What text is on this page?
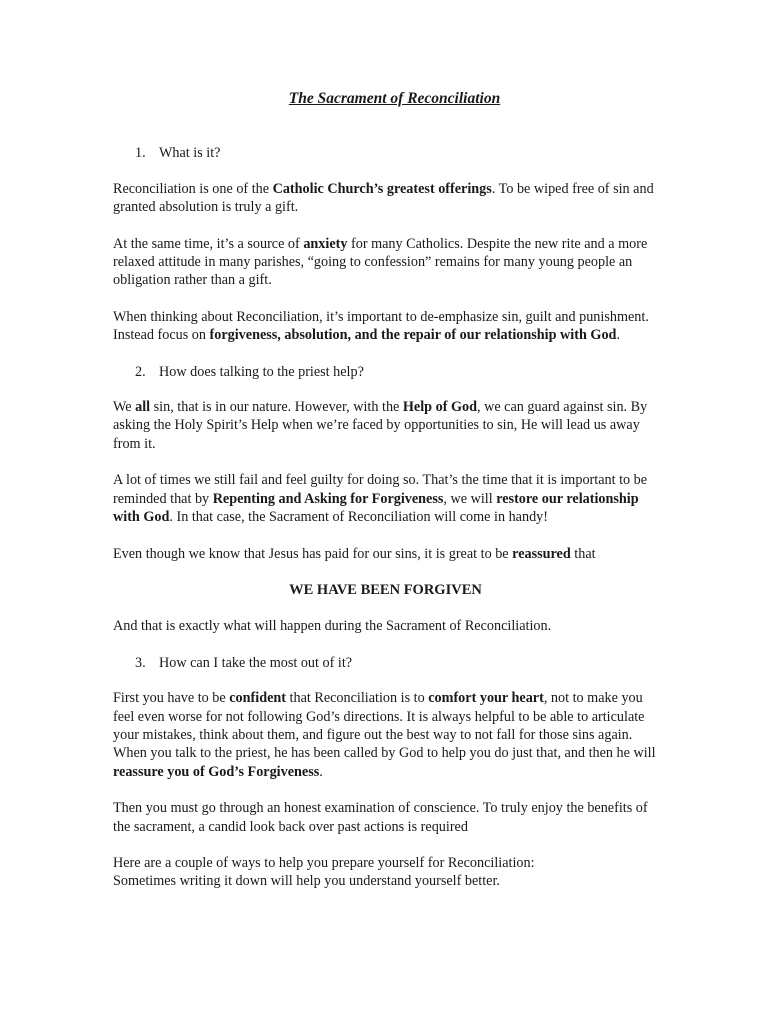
The Sacrament of Reconciliation
1. What is it?

Reconciliation is one of the Catholic Church’s greatest offerings. To be wiped free of sin and granted absolution is truly a gift.

At the same time, it’s a source of anxiety for many Catholics. Despite the new rite and a more relaxed attitude in many parishes, “going to confession” remains for many young people an obligation rather than a gift.

When thinking about Reconciliation, it’s important to de-emphasize sin, guilt and punishment. Instead focus on forgiveness, absolution, and the repair of our relationship with God.

2. How does talking to the priest help?

We all sin, that is in our nature. However, with the Help of God, we can guard against sin. By asking the Holy Spirit’s Help when we’re faced by opportunities to sin, He will lead us away from it.

A lot of times we still fail and feel guilty for doing so. That’s the time that it is important to be reminded that by Repenting and Asking for Forgiveness, we will restore our relationship with God. In that case, the Sacrament of Reconciliation will come in handy!

Even though we know that Jesus has paid for our sins, it is great to be reassured that

WE HAVE BEEN FORGIVEN

And that is exactly what will happen during the Sacrament of Reconciliation.

3. How can I take the most out of it?

First you have to be confident that Reconciliation is to comfort your heart, not to make you feel even worse for not following God’s directions. It is always helpful to be able to articulate your mistakes, think about them, and figure out the best way to not fall for those sins again. When you talk to the priest, he has been called by God to help you do just that, and then he will reassure you of God’s Forgiveness.

Then you must go through an honest examination of conscience. To truly enjoy the benefits of the sacrament, a candid look back over past actions is required

Here are a couple of ways to help you prepare yourself for Reconciliation:

Sometimes writing it down will help you understand yourself better.
